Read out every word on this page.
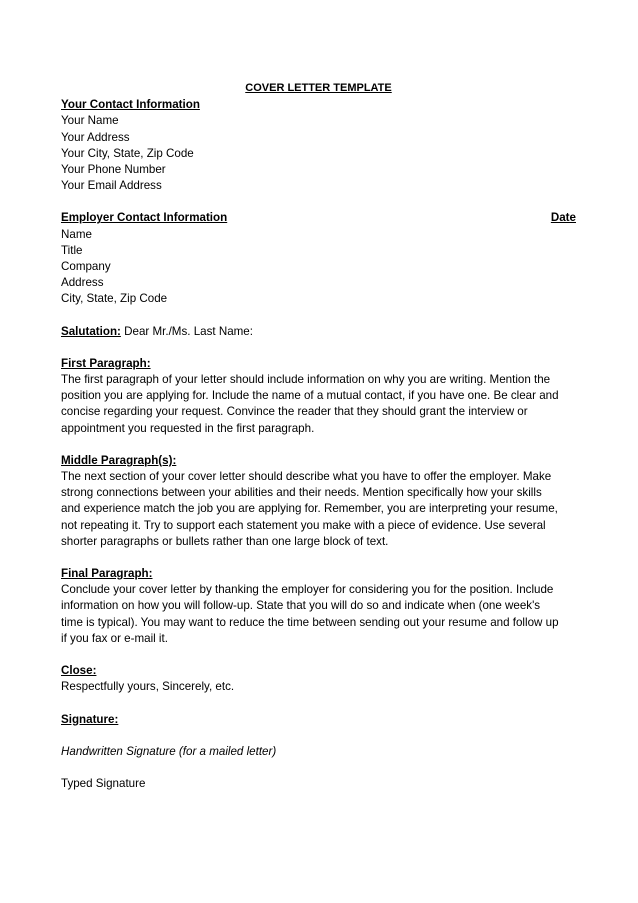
COVER LETTER TEMPLATE
Your Contact Information
Your Name
Your Address
Your City, State, Zip Code
Your Phone Number
Your Email Address
Employer Contact Information	Date
Name
Title
Company
Address
City, State, Zip Code
Salutation: Dear Mr./Ms. Last Name:
First Paragraph:
The first paragraph of your letter should include information on why you are writing. Mention the
position you are applying for. Include the name of a mutual contact, if you have one. Be clear and
concise regarding your request. Convince the reader that they should grant the interview or
appointment you requested in the first paragraph.
Middle Paragraph(s):
The next section of your cover letter should describe what you have to offer the employer. Make
strong connections between your abilities and their needs. Mention specifically how your skills
and experience match the job you are applying for. Remember, you are interpreting your resume,
not repeating it. Try to support each statement you make with a piece of evidence. Use several
shorter paragraphs or bullets rather than one large block of text.
Final Paragraph:
Conclude your cover letter by thanking the employer for considering you for the position. Include
information on how you will follow-up. State that you will do so and indicate when (one week's
time is typical). You may want to reduce the time between sending out your resume and follow up
if you fax or e-mail it.
Close:
Respectfully yours, Sincerely, etc.
Signature:
Handwritten Signature (for a mailed letter)
Typed Signature
